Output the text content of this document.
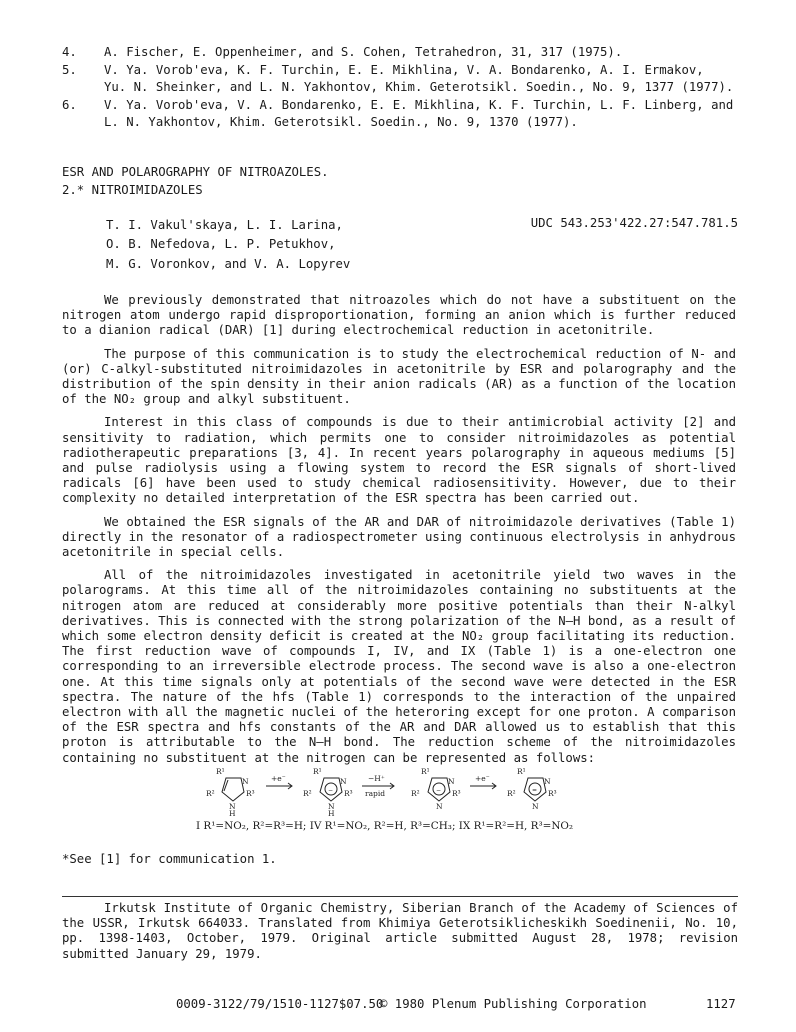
4.	A. Fischer, E. Oppenheimer, and S. Cohen, Tetrahedron, 31, 317 (1975).
5.	V. Ya. Vorob'eva, K. F. Turchin, E. E. Mikhlina, V. A. Bondarenko, A. I. Ermakov,
Yu. N. Sheinker, and L. N. Yakhontov, Khim. Geterotsikl. Soedin., No. 9, 1377 (1977).
6.	V. Ya. Vorob'eva, V. A. Bondarenko, E. E. Mikhlina, K. F. Turchin, L. F. Linberg, and
L. N. Yakhontov, Khim. Geterotsikl. Soedin., No. 9, 1370 (1977).
ESR AND POLAROGRAPHY OF NITROAZOLES.
2.* NITROIMIDAZOLES
T. I. Vakul'skaya, L. I. Larina,
O. B. Nefedova, L. P. Petukhov,
M. G. Voronkov, and V. A. Lopyrev
UDC 543.253'422.27:547.781.5

We previously demonstrated that nitroazoles which do not have a substituent on the nitrogen atom undergo rapid disproportionation, forming an anion which is further reduced to a dianion radical (DAR) [1] during electrochemical reduction in acetonitrile.

The purpose of this communication is to study the electrochemical reduction of N- and (or) C-alkyl-substituted nitroimidazoles in acetonitrile by ESR and polarography and the distribution of the spin density in their anion radicals (AR) as a function of the location of the NO₂ group and alkyl substituent.

Interest in this class of compounds is due to their antimicrobial activity [2] and sensitivity to radiation, which permits one to consider nitroimidazoles as potential radiotherapeutic preparations [3, 4]. In recent years polarography in aqueous mediums [5] and pulse radiolysis using a flowing system to record the ESR signals of short-lived radicals [6] have been used to study chemical radiosensitivity. However, due to their complexity no detailed interpretation of the ESR spectra has been carried out.

We obtained the ESR signals of the AR and DAR of nitroimidazole derivatives (Table 1) directly in the resonator of a radiospectrometer using continuous electrolysis in anhydrous acetonitrile in special cells.

All of the nitroimidazoles investigated in acetonitrile yield two waves in the polarograms. At this time all of the nitroimidazoles containing no substituents at the nitrogen atom are reduced at considerably more positive potentials than their N-alkyl derivatives. This is connected with the strong polarization of the N—H bond, as a result of which some electron density deficit is created at the NO₂ group facilitating its reduction. The first reduction wave of compounds I, IV, and IX (Table 1) is a one-electron one corresponding to an irreversible electrode process. The second wave is also a one-electron one. At this time signals only at potentials of the second wave were detected in the ESR spectra. The nature of the hfs (Table 1) corresponds to the interaction of the unpaired electron with all the magnetic nuclei of the heteroring except for one proton. A comparison of the ESR spectra and hfs constants of the AR and DAR allowed us to establish that this proton is attributable to the N—H bond. The reduction scheme of the nitroimidazoles containing no substituent at the nitrogen can be represented as follows:

R¹
R²	R³
N
N
H
+e⁻
R¹
R²	R³
N
N
H
−
−H⁺
rapid
R¹
R²	R³
N
N
−
+e⁻
R¹
R²	R³
N
N
=
I R¹=NO₂, R²=R³=H; IV R¹=NO₂, R²=H, R³=CH₃; IX R¹=R²=H, R³=NO₂
*See [1] for communication 1.
Irkutsk Institute of Organic Chemistry, Siberian Branch of the Academy of Sciences of the USSR, Irkutsk 664033. Translated from Khimiya Geterotsiklicheskikh Soedinenii, No. 10, pp. 1398-1403, October, 1979. Original article submitted August 28, 1978; revision submitted January 29, 1979.
0009-3122/79/1510-1127$07.50
© 1980 Plenum Publishing Corporation	1127
